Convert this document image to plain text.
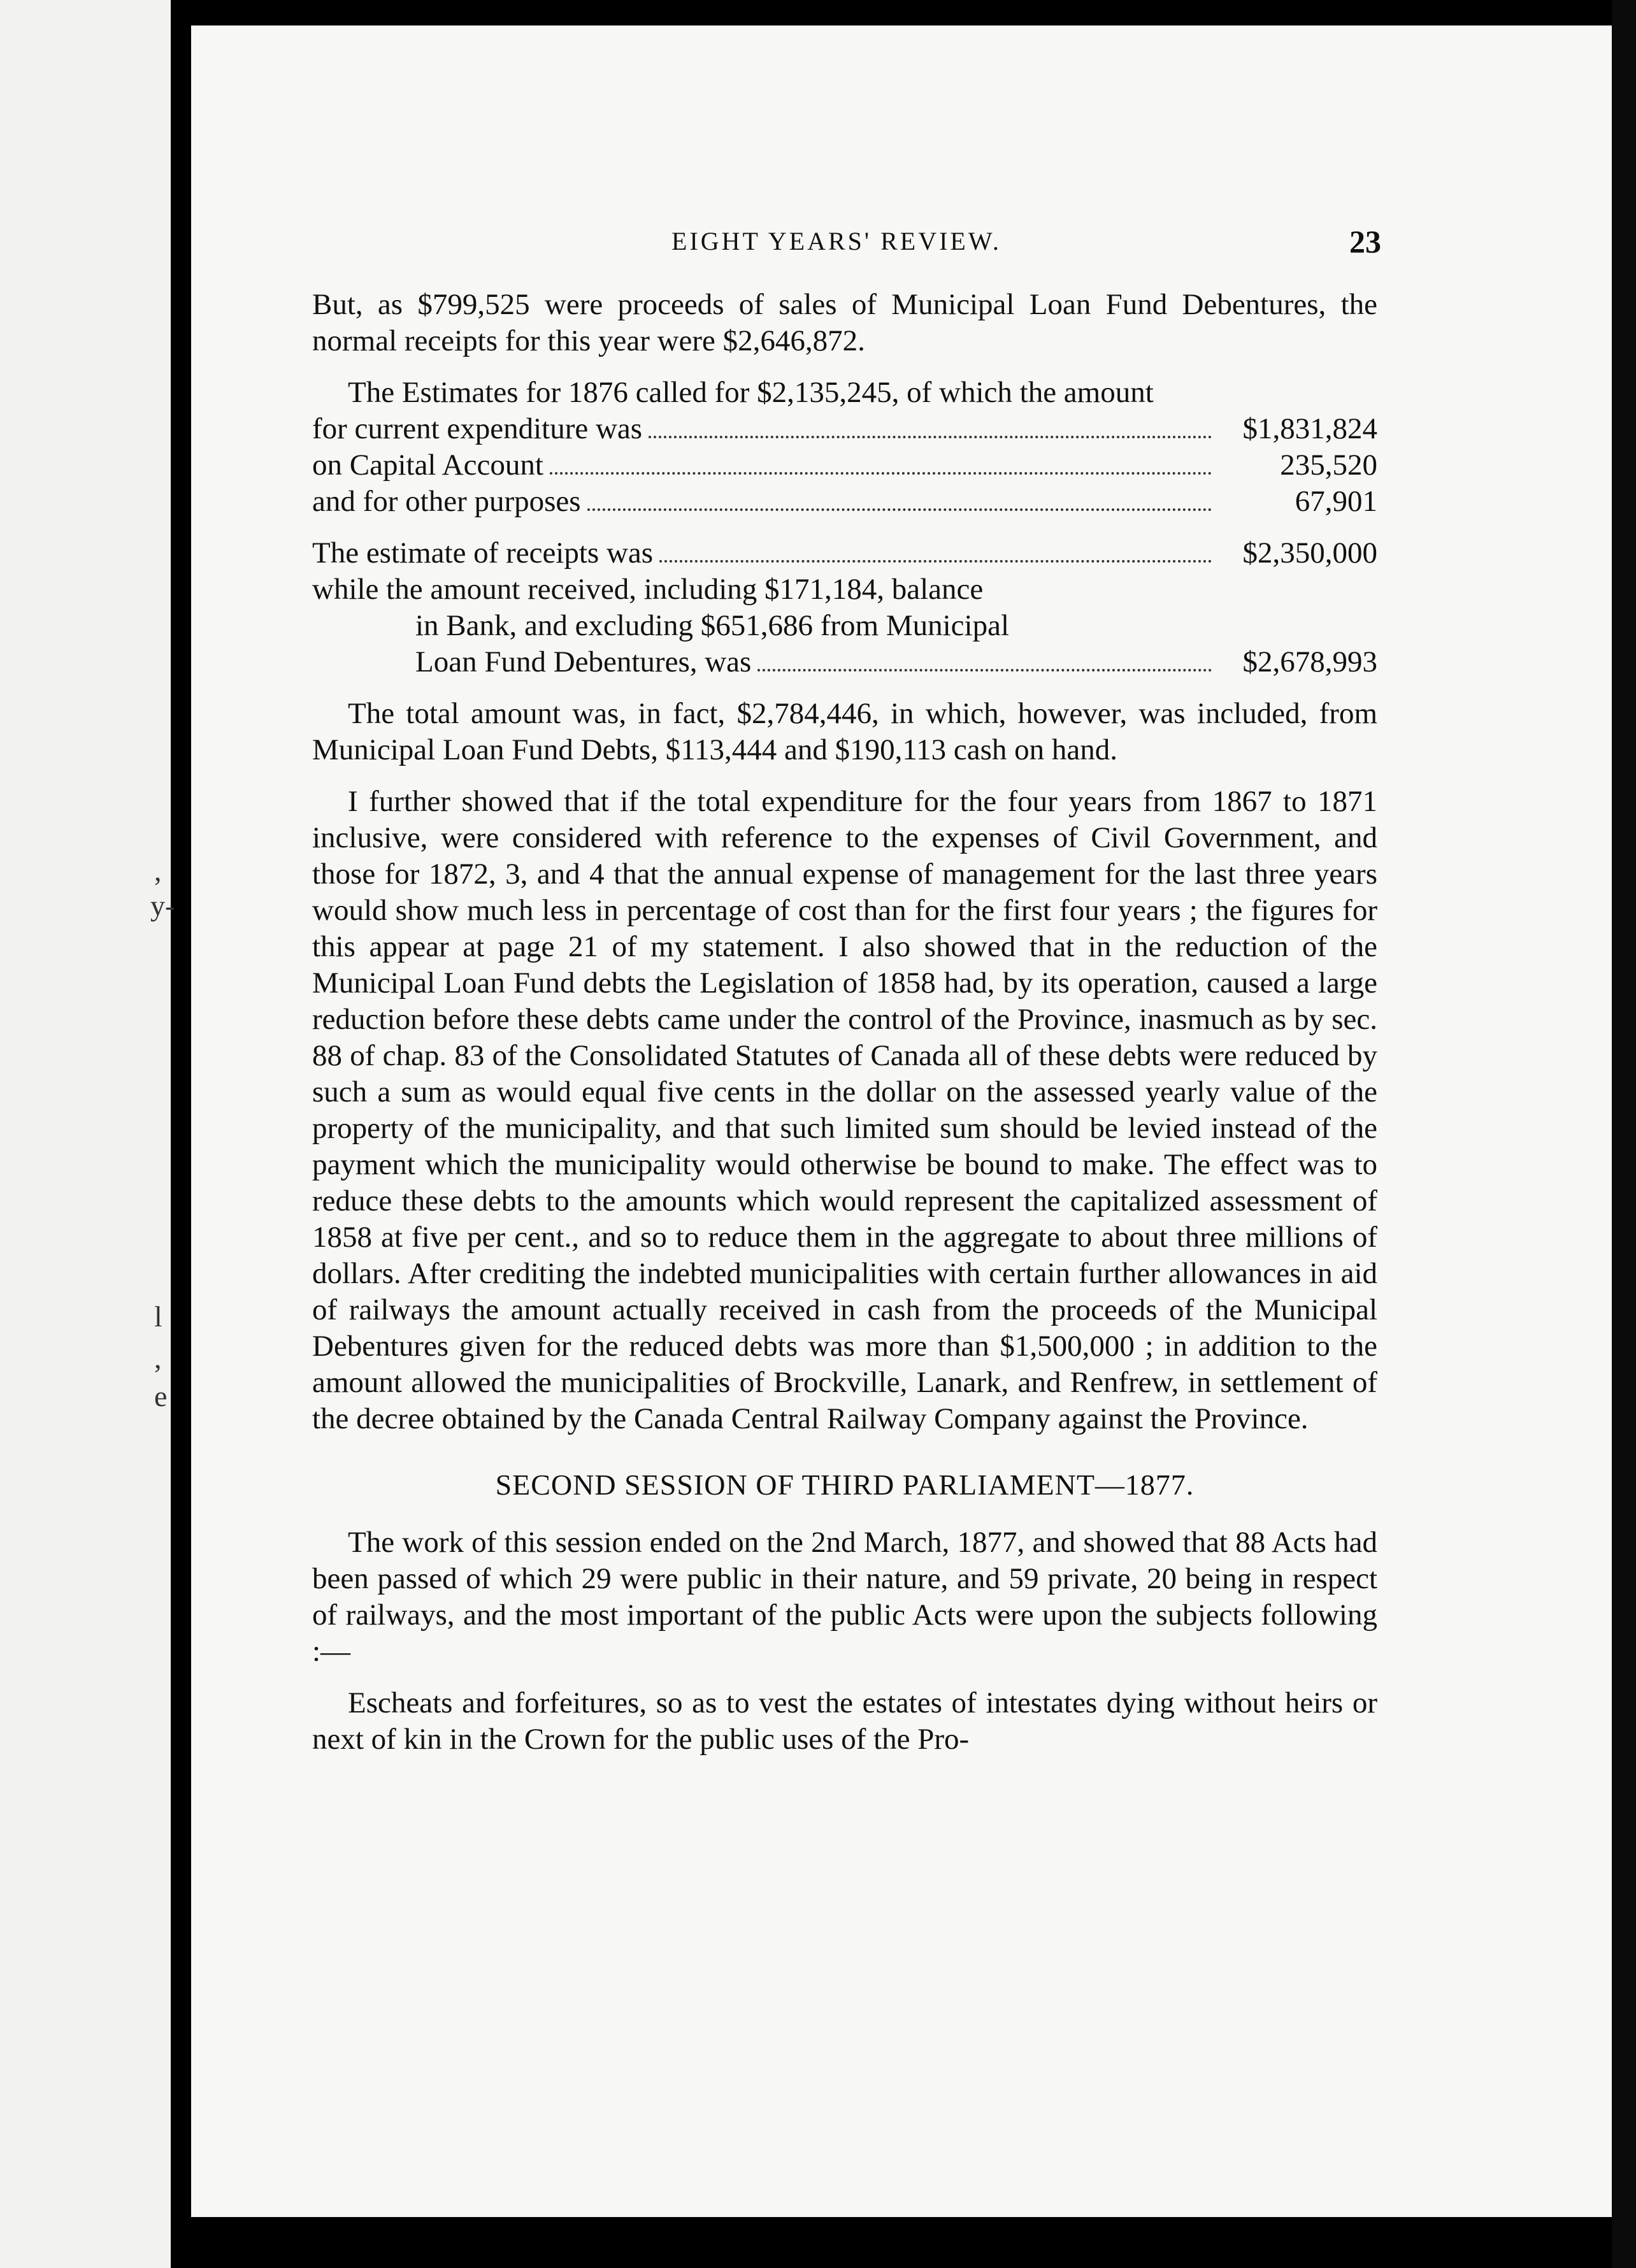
,
y-
l
,
e
EIGHT YEARS' REVIEW.

But, as $799,525 were proceeds of sales of Municipal Loan Fund Debentures, the normal receipts for this year were $2,646,872.

The Estimates for 1876 called for $2,135,245, of which the amount
for current expenditure was	$1,831,824
on Capital Account	235,520
and for other purposes	67,901
The estimate of receipts was	$2,350,000
while the amount received, including $171,184, balance
in Bank, and excluding $651,686 from Municipal
Loan Fund Debentures, was	$2,678,993

The total amount was, in fact, $2,784,446, in which, however, was included, from Municipal Loan Fund Debts, $113,444 and $190,113 cash on hand.

I further showed that if the total expenditure for the four years from 1867 to 1871 inclusive, were considered with reference to the expenses of Civil Government, and those for 1872, 3, and 4 that the annual expense of management for the last three years would show much less in percentage of cost than for the first four years ; the figures for this appear at page 21 of my statement. I also showed that in the reduction of the Municipal Loan Fund debts the Legislation of 1858 had, by its operation, caused a large reduction before these debts came under the control of the Province, inasmuch as by sec. 88 of chap. 83 of the Consolidated Statutes of Canada all of these debts were reduced by such a sum as would equal five cents in the dollar on the assessed yearly value of the property of the municipality, and that such limited sum should be levied instead of the payment which the municipality would otherwise be bound to make. The effect was to reduce these debts to the amounts which would represent the capitalized assessment of 1858 at five per cent., and so to reduce them in the aggregate to about three millions of dollars. After crediting the indebted municipalities with certain further allowances in aid of railways the amount actually received in cash from the proceeds of the Municipal Debentures given for the reduced debts was more than $1,500,000 ; in addition to the amount allowed the municipalities of Brockville, Lanark, and Renfrew, in settlement of the decree obtained by the Canada Central Railway Company against the Province.

SECOND SESSION OF THIRD PARLIAMENT—1877.

The work of this session ended on the 2nd March, 1877, and showed that 88 Acts had been passed of which 29 were public in their nature, and 59 private, 20 being in respect of railways, and the most important of the public Acts were upon the subjects following :—

Escheats and forfeitures, so as to vest the estates of intestates dying without heirs or next of kin in the Crown for the public uses of the Pro-
